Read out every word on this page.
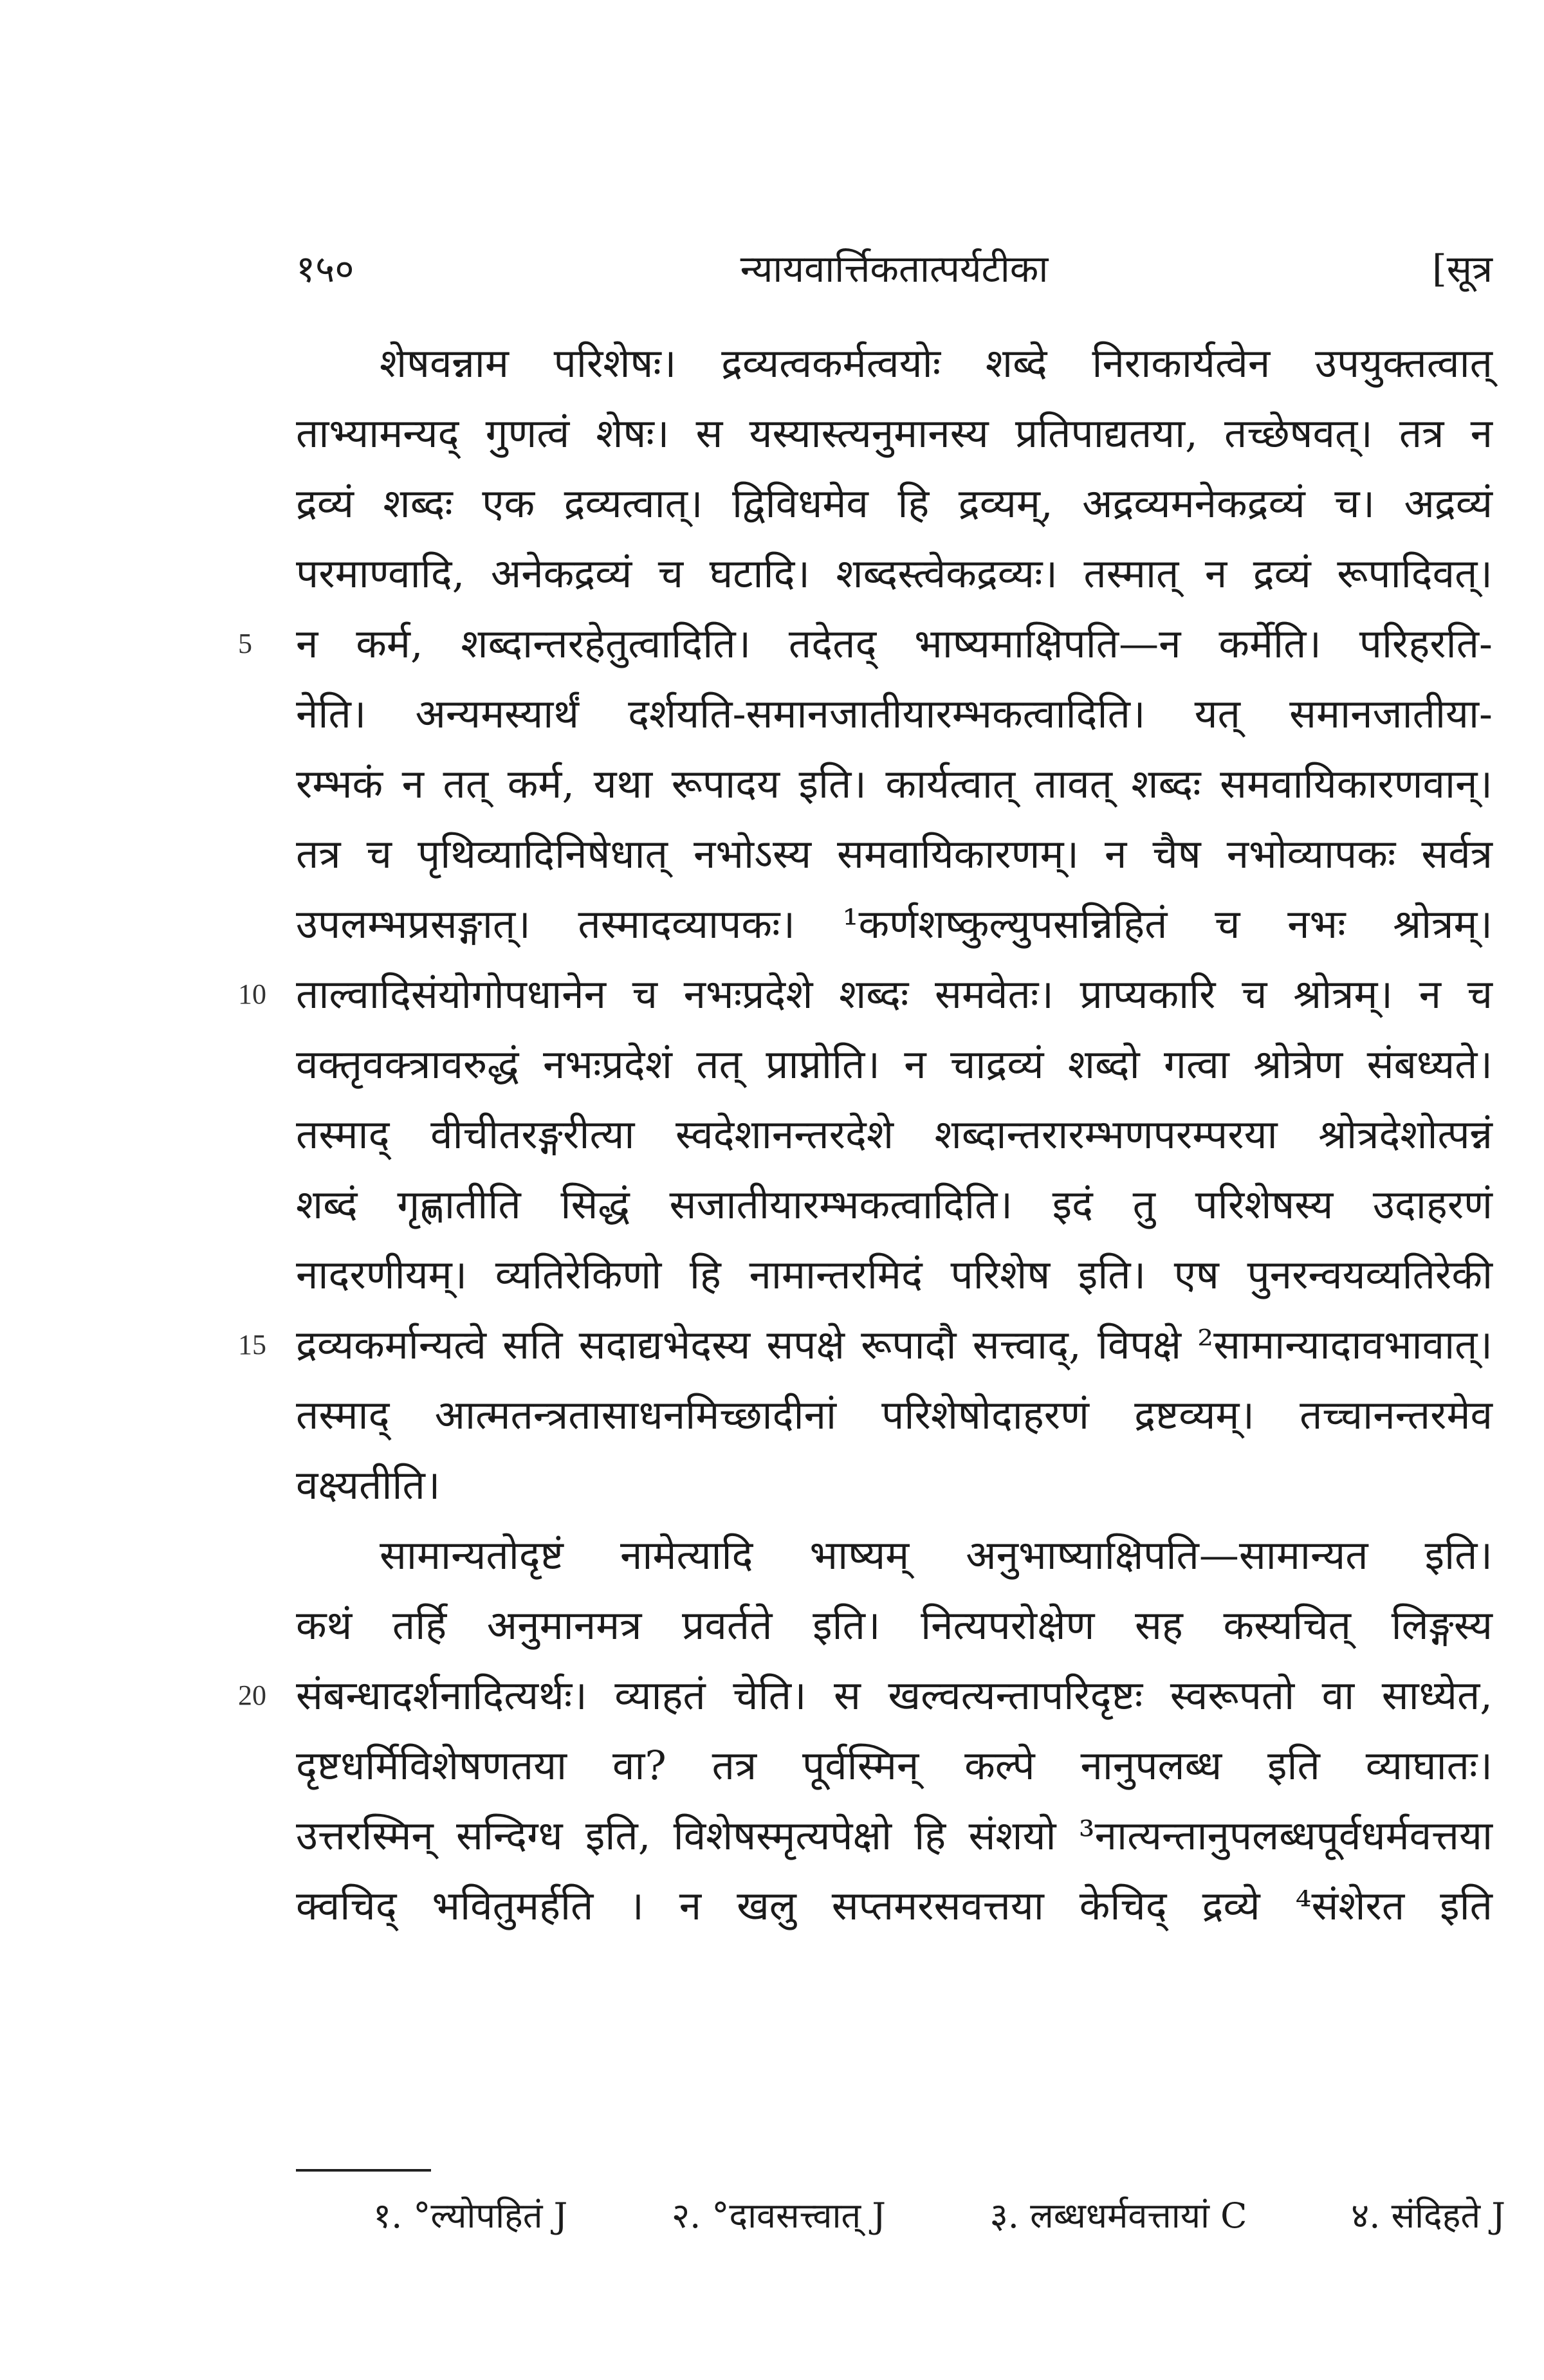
१५०	न्यायवार्त्तिकतात्पर्यटीका	[सूत्र
शेषवन्नाम परिशेषः। द्रव्यत्वकर्मत्वयोः शब्दे निराकार्यत्वेन उपयुक्तत्वात्
ताभ्यामन्यद् गुणत्वं शेषः। स यस्यास्त्यनुमानस्य प्रतिपाद्यतया, तच्छेषवत्। तत्र न
द्रव्यं शब्दः एक द्रव्यत्वात्। द्विविधमेव हि द्रव्यम्, अद्रव्यमनेकद्रव्यं च। अद्रव्यं
परमाण्वादि, अनेकद्रव्यं च घटादि। शब्दस्त्वेकद्रव्यः। तस्मात् न द्रव्यं रूपादिवत्।
5 न कर्म, शब्दान्तरहेतुत्वादिति। तदेतद् भाष्यमाक्षिपति—न कर्मेति। परिहरति-
नेति। अन्यमस्यार्थं दर्शयति-समानजातीयारम्भकत्वादिति। यत् समानजातीया-
रम्भकं न तत् कर्म, यथा रूपादय इति। कार्यत्वात् तावत् शब्दः समवायिकारणवान्।
तत्र च पृथिव्यादिनिषेधात् नभोऽस्य समवायिकारणम्। न चैष नभोव्यापकः सर्वत्र
उपलम्भप्रसङ्गात्। तस्मादव्यापकः। ¹कर्णशष्कुल्युपसन्निहितं च नभः श्रोत्रम्।
10 ताल्वादिसंयोगोपधानेन च नभःप्रदेशे शब्दः समवेतः। प्राप्यकारि च श्रोत्रम्। न च
वक्तृवक्त्रावरुद्धं नभःप्रदेशं तत् प्राप्नोति। न चाद्रव्यं शब्दो गत्वा श्रोत्रेण संबध्यते।
तस्माद् वीचीतरङ्गरीत्या स्वदेशानन्तरदेशे शब्दान्तरारम्भणपरम्परया श्रोत्रदेशोत्पन्नं
शब्दं गृह्णातीति सिद्धं सजातीयारम्भकत्वादिति। इदं तु परिशेषस्य उदाहरणं
नादरणीयम्। व्यतिरेकिणो हि नामान्तरमिदं परिशेष इति। एष पुनरन्वयव्यतिरेकी
15 द्रव्यकर्मान्यत्वे सति सदाद्यभेदस्य सपक्षे रूपादौ सत्त्वाद्, विपक्षे ²सामान्यादावभावात्।
तस्माद् आत्मतन्त्रतासाधनमिच्छादीनां परिशेषोदाहरणं द्रष्टव्यम्। तच्चानन्तरमेव
वक्ष्यतीति।
सामान्यतोदृष्टं नामेत्यादि भाष्यम् अनुभाष्याक्षिपति—सामान्यत इति।
कथं तर्हि अनुमानमत्र प्रवर्तते इति। नित्यपरोक्षेण सह कस्यचित् लिङ्गस्य
20 संबन्धादर्शनादित्यर्थः। व्याहतं चेति। स खल्वत्यन्तापरिदृष्टः स्वरूपतो वा साध्येत,
दृष्टधर्मिविशेषणतया वा? तत्र पूर्वस्मिन् कल्पे नानुपलब्ध इति व्याघातः।
उत्तरस्मिन् सन्दिग्ध इति, विशेषस्मृत्यपेक्षो हि संशयो ³नात्यन्तानुपलब्धपूर्वधर्मवत्तया
क्वचिद् भवितुमर्हति । न खलु सप्तमरसवत्तया केचिद् द्रव्ये ⁴संशेरत इति
१. °ल्योपहितं J	२. °दावसत्त्वात् J	३. लब्धधर्मवत्तायां C	४. संदिहते J
